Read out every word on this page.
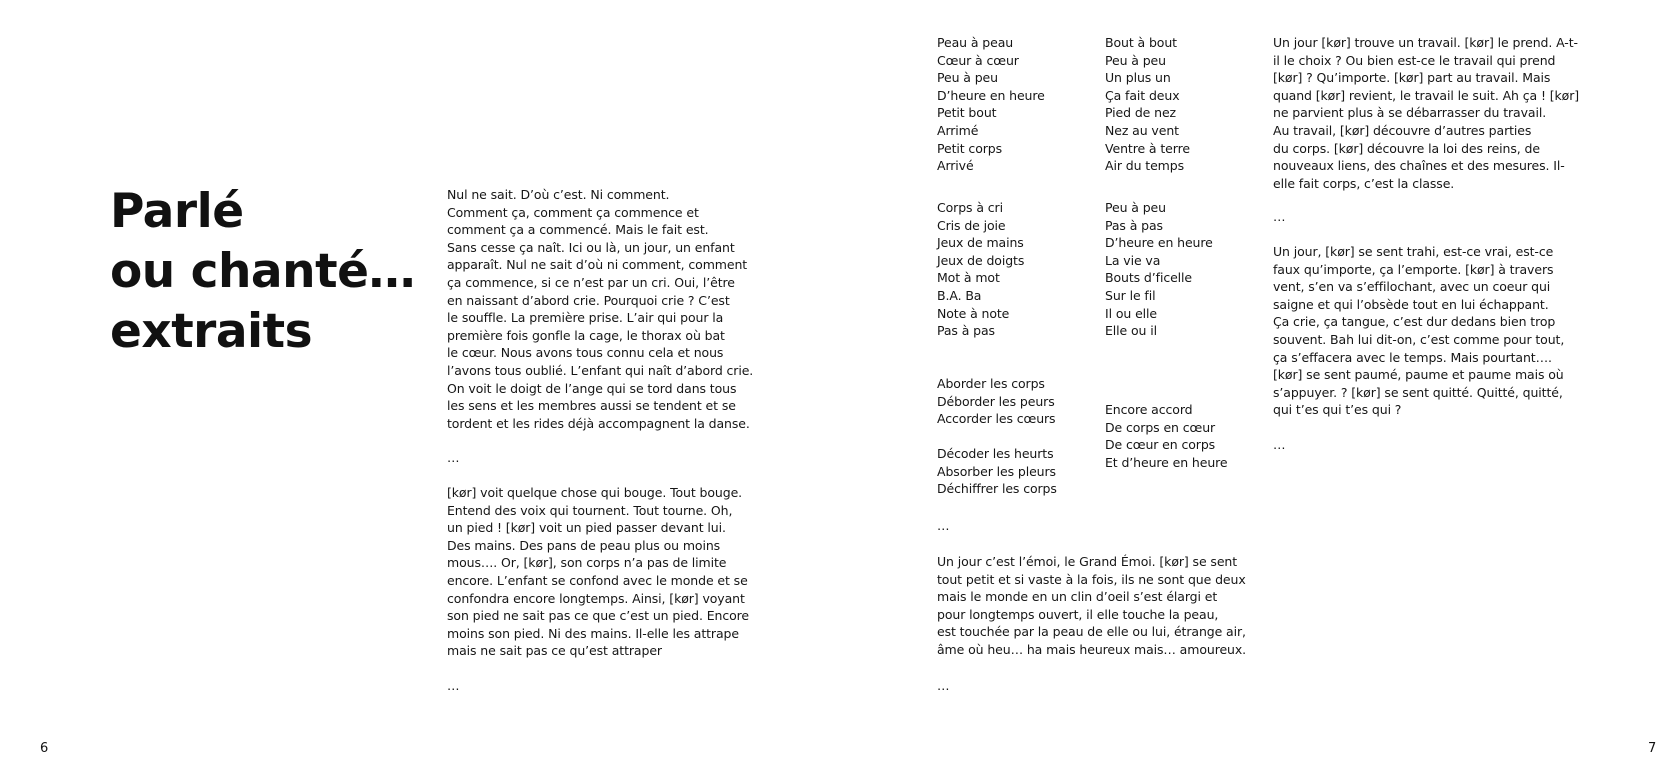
Parlé
ou chanté…
extraits
6
Nul ne sait. D’où c’est. Ni comment.
Comment ça, comment ça commence et
comment ça a commencé. Mais le fait est.
Sans cesse ça naît. Ici ou là, un jour, un enfant
apparaît. Nul ne sait d’où ni comment, comment
ça commence, si ce n’est par un cri. Oui, l’être
en naissant d’abord crie. Pourquoi crie ? C’est
le souffle. La première prise. L’air qui pour la
première fois gonfle la cage, le thorax où bat
le cœur. Nous avons tous connu cela et nous
l’avons tous oublié. L’enfant qui naît d’abord crie.
On voit le doigt de l’ange qui se tord dans tous
les sens et les membres aussi se tendent et se
tordent et les rides déjà accompagnent la danse.
…
[kør] voit quelque chose qui bouge. Tout bouge.
Entend des voix qui tournent. Tout tourne. Oh,
un pied ! [kør] voit un pied passer devant lui.
Des mains. Des pans de peau plus ou moins
mous…. Or, [kør], son corps n’a pas de limite
encore. L’enfant se confond avec le monde et se
confondra encore longtemps. Ainsi, [kør] voyant
son pied ne sait pas ce que c’est un pied. Encore
moins son pied. Ni des mains. Il-elle les attrape
mais ne sait pas ce qu’est attraper
…
7
Peau à peau
Cœur à cœur
Peu à peu
D’heure en heure
Petit bout
Arrimé
Petit corps
Arrivé
Bout à bout
Peu à peu
Un plus un
Ça fait deux
Pied de nez
Nez au vent
Ventre à terre
Air du temps
Corps à cri
Cris de joie
Jeux de mains
Jeux de doigts
Mot à mot
B.A. Ba
Note à note
Pas à pas
Peu à peu
Pas à pas
D’heure en heure
La vie va
Bouts d’ficelle
Sur le fil
Il ou elle
Elle ou il
Aborder les corps
Déborder les peurs
Accorder les cœurs
Décoder les heurts
Absorber les pleurs
Déchiffrer les corps
Encore accord
De corps en cœur
De cœur en corps
Et d’heure en heure
…
Un jour c’est l’émoi, le Grand Émoi. [kør] se sent
tout petit et si vaste à la fois, ils ne sont que deux
mais le monde en un clin d’oeil s’est élargi et
pour longtemps ouvert, il elle touche la peau,
est touchée par la peau de elle ou lui, étrange air,
âme où heu… ha mais heureux mais… amoureux.
…
Un jour [kør] trouve un travail. [kør] le prend. A-t-
il le choix ? Ou bien est-ce le travail qui prend
[kør] ? Qu’importe. [kør] part au travail. Mais
quand [kør] revient, le travail le suit. Ah ça ! [kør]
ne parvient plus à se débarrasser du travail.
Au travail, [kør] découvre d’autres parties
du corps. [kør] découvre la loi des reins, de
nouveaux liens, des chaînes et des mesures. Il-
elle fait corps, c’est la classe.
…
Un jour, [kør] se sent trahi, est-ce vrai, est-ce
faux qu’importe, ça l’emporte. [kør] à travers
vent, s’en va s’effilochant, avec un coeur qui
saigne et qui l’obsède tout en lui échappant.
Ça crie, ça tangue, c’est dur dedans bien trop
souvent. Bah lui dit-on, c’est comme pour tout,
ça s’effacera avec le temps. Mais pourtant….
[kør] se sent paumé, paume et paume mais où
s’appuyer. ? [kør] se sent quitté. Quitté, quitté,
qui t’es qui t’es qui ?
…
